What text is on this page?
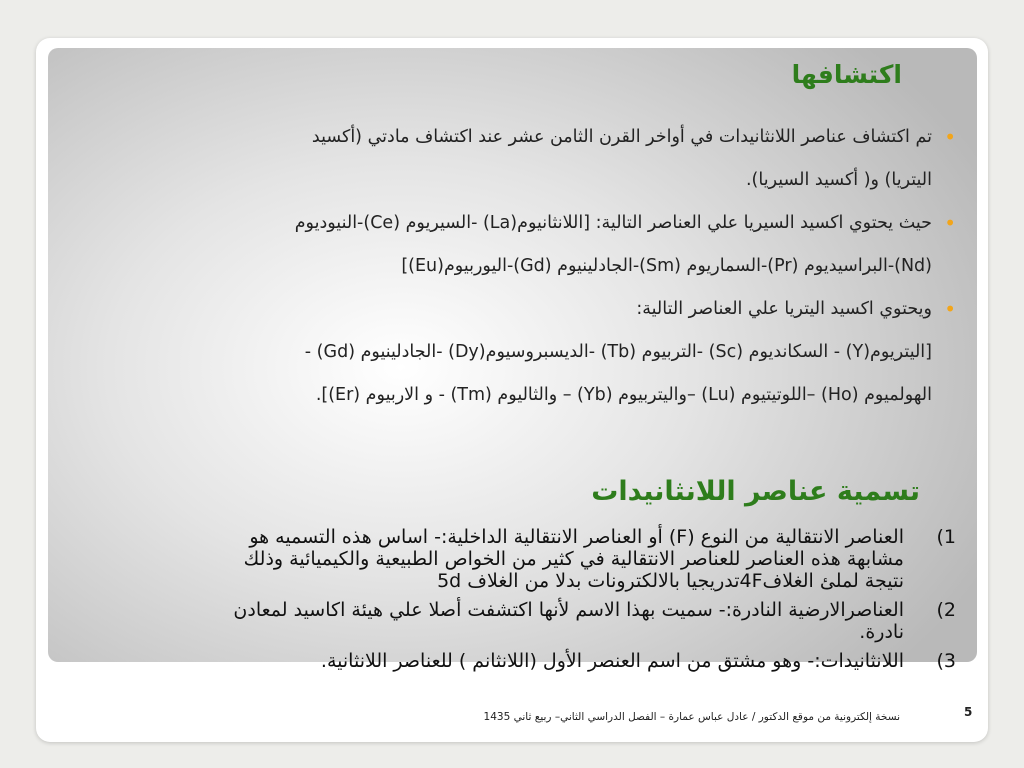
اكتشافها
•
تم اكتشاف عناصر اللانثانيدات في أواخر القرن الثامن عشر عند اكتشاف مادتي (أكسيد
اليتريا) و( أكسيد السيريا).
•
حيث يحتوي اكسيد السيريا علي العناصر التالية: [اللانثانيوم(La) -السيريوم (Ce)-النيوديوم
(Nd)-البراسيديوم (Pr)-السماريوم (Sm)-الجادلينيوم (Gd)-اليوربيوم(Eu)]
•
ويحتوي اكسيد اليتريا علي العناصر التالية:
[اليتريوم(Y) - السكانديوم (Sc) -التربيوم (Tb) -الديسبروسيوم(Dy) -الجادلينيوم (Gd) -
الهولميوم (Ho) –اللوتيتيوم (Lu) –واليتربيوم (Yb) – والثاليوم (Tm) - و الاربيوم (Er)].
تسمية عناصر اللانثانيدات
1)
العناصر الانتقالية من النوع (F) أو العناصر الانتقالية الداخلية:- اساس هذه التسميه هو
مشابهة هذه العناصر للعناصر الانتقالية في كثير من الخواص الطبيعية والكيميائية وذلك
نتيجة لملئ الغلاف4Fتدريجيا بالالكترونات بدلا من الغلاف 5d
2)
العناصرالارضية النادرة:- سميت بهذا الاسم لأنها اكتشفت أصلا علي هيئة اكاسيد لمعادن
نادرة.
3)
اللانثانيدات:- وهو مشتق من اسم العنصر الأول (اللانثانم ) للعناصر اللانثانية.
نسخة إلكترونية من موقع الدكتور / عادل عباس عمارة – الفصل الدراسي الثاني– ربيع ثاني 1435	5
